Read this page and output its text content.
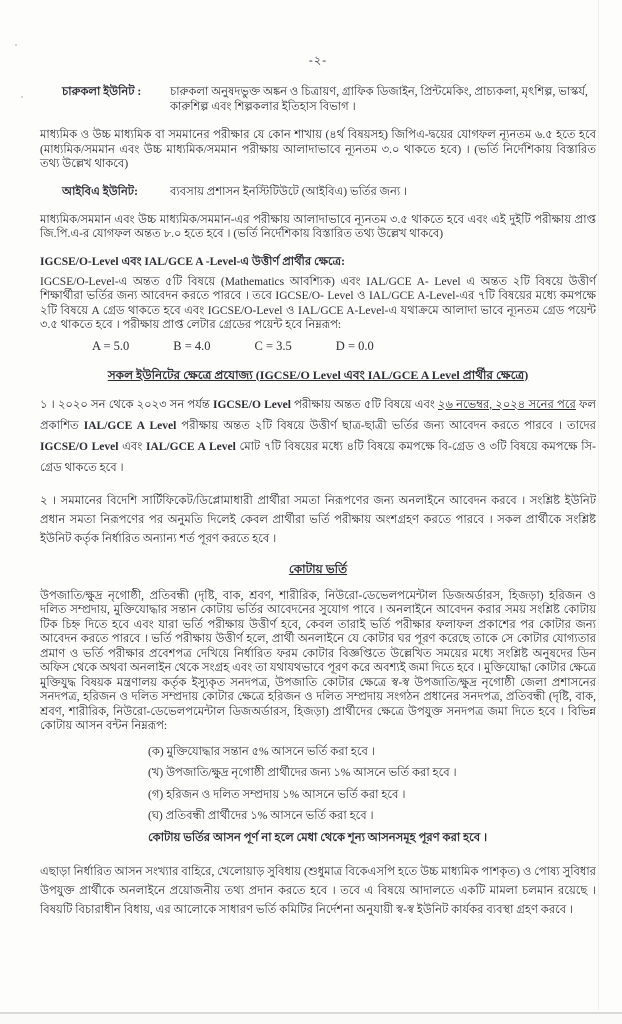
-২-
চারুকলা ইউনিট : চারুকলা অনুষদভুক্ত অঙ্কন ও চিত্রায়ণ, গ্রাফিক ডিজাইন, প্রিন্টমেকিং, প্রাচ্যকলা, মৃৎশিল্প, ভাস্কর্য, কারুশিল্প এবং শিল্পকলার ইতিহাস বিভাগ ।

মাধ্যমিক ও উচ্চ মাধ্যমিক বা সমমানের পরীক্ষার যে কোন শাখায় (৪র্থ বিষয়সহ) জিপিএ-দ্বয়ের যোগফল ন্যূনতম ৬.৫ হতে হবে (মাধ্যমিক/সমমান এবং উচ্চ মাধ্যমিক/সমমান পরীক্ষায় আলাদাভাবে ন্যূনতম ৩.০ থাকতে হবে) । (ভর্তি নির্দেশিকায় বিস্তারিত তথ্য উল্লেখ থাকবে)

আইবিএ ইউনিট:	ব্যবসায় প্রশাসন ইনস্টিটিউটে (আইবিএ) ভর্তির জন্য ।

মাধ্যমিক/সমমান এবং উচ্চ মাধ্যমিক/সমমান-এর পরীক্ষায় আলাদাভাবে ন্যূনতম ৩.৫ থাকতে হবে এবং এই দুইটি পরীক্ষায় প্রাপ্ত জি.পি.এ-র যোগফল অন্তত ৮.০ হতে হবে । (ভর্তি নির্দেশিকায় বিস্তারিত তথ্য উল্লেখ থাকবে)

IGCSE/O-Level এবং IAL/GCE A -Level-এ উত্তীর্ণ প্রার্থীর ক্ষেত্রে:

IGCSE/O-Level-এ অন্তত ৫টি বিষয়ে (Mathematics আবশ্যিক) এবং IAL/GCE A- Level এ অন্তত ২টি বিষয়ে উত্তীর্ণ শিক্ষার্থীরা ভর্তির জন্য আবেদন করতে পারবে । তবে IGCSE/O- Level ও IAL/GCE A-Level-এর ৭টি বিষয়ের মধ্যে কমপক্ষে ২টি বিষয়ে A গ্রেড থাকতে হবে এবং IGCSE/O-Level ও IAL/GCE A-Level-এ যথাক্রমে আলাদা ভাবে ন্যূনতম গ্রেড পয়েন্ট ৩.৫ থাকতে হবে । পরীক্ষায় প্রাপ্ত লেটার গ্রেডের পয়েন্ট হবে নিম্নরূপ:

A = 5.0	B = 4.0	C = 3.5	D = 0.0
সকল ইউনিটের ক্ষেত্রে প্রযোজ্য (IGCSE/O Level এবং IAL/GCE A Level প্রার্থীর ক্ষেত্রে)

১ । ২০২০ সন থেকে ২০২৩ সন পর্যন্ত IGCSE/O Level পরীক্ষায় অন্তত ৫টি বিষয়ে এবং ২৬ নভেম্বর, ২০২৪ সনের পরে ফল প্রকাশিত IAL/GCE A Level পরীক্ষায় অন্তত ২টি বিষয়ে উত্তীর্ণ ছাত্র-ছাত্রী ভর্তির জন্য আবেদন করতে পারবে । তাদের IGCSE/O Level এবং IAL/GCE A Level মোট ৭টি বিষয়ের মধ্যে ৪টি বিষয়ে কমপক্ষে বি-গ্রেড ও ৩টি বিষয়ে কমপক্ষে সি-গ্রেড থাকতে হবে ।

২ । সমমানের বিদেশি সার্টিফিকেট/ডিপ্লোমাধারী প্রার্থীরা সমতা নিরূপণের জন্য অনলাইনে আবেদন করবে । সংশ্লিষ্ট ইউনিট প্রধান সমতা নিরূপণের পর অনুমতি দিলেই কেবল প্রার্থীরা ভর্তি পরীক্ষায় অংশগ্রহণ করতে পারবে । সকল প্রার্থীকে সংশ্লিষ্ট ইউনিট কর্তৃক নির্ধারিত অন্যান্য শর্ত পূরণ করতে হবে ।

কোটায় ভর্তি

উপজাতি/ক্ষুদ্র নৃগোষ্ঠী, প্রতিবন্ধী (দৃষ্টি, বাক, শ্রবণ, শারীরিক, নিউরো-ডেভেলপমেন্টাল ডিজঅর্ডারস, হিজড়া) হরিজন ও দলিত সম্প্রদায়, মুক্তিযোদ্ধার সন্তান কোটায় ভর্তির আবেদনের সুযোগ পাবে । অনলাইনে আবেদন করার সময় সংশ্লিষ্ট কোটায় টিক চিহ্ন দিতে হবে এবং যারা ভর্তি পরীক্ষায় উত্তীর্ণ হবে, কেবল তারাই ভর্তি পরীক্ষার ফলাফল প্রকাশের পর কোটার জন্য আবেদন করতে পারবে । ভর্তি পরীক্ষায় উত্তীর্ণ হলে, প্রার্থী অনলাইনে যে কোটার ঘর পূরণ করেছে তাকে সে কোটার যোগ্যতার প্রমাণ ও ভর্তি পরীক্ষার প্রবেশপত্র দেখিয়ে নির্ধারিত ফরম কোটার বিজ্ঞপ্তিতে উল্লেখিত সময়ের মধ্যে সংশ্লিষ্ট অনুষদের ডিন অফিস থেকে অথবা অনলাইন থেকে সংগ্রহ এবং তা যথাযথভাবে পূরণ করে অবশ্যই জমা দিতে হবে । মুক্তিযোদ্ধা কোটার ক্ষেত্রে মুক্তিযুদ্ধ বিষয়ক মন্ত্রণালয় কর্তৃক ইস্যুকৃত সনদপত্র, উপজাতি কোটার ক্ষেত্রে স্ব-স্ব উপজাতি/ক্ষুদ্র নৃগোষ্ঠী জেলা প্রশাসনের সনদপত্র, হরিজন ও দলিত সম্প্রদায় কোটার ক্ষেত্রে হরিজন ও দলিত সম্প্রদায় সংগঠন প্রধানের সনদপত্র, প্রতিবন্ধী (দৃষ্টি, বাক, শ্রবণ, শারীরিক, নিউরো-ডেভেলপমেন্টাল ডিজঅর্ডারস, হিজড়া) প্রার্থীদের ক্ষেত্রে উপযুক্ত সনদপত্র জমা দিতে হবে । বিভিন্ন কোটায় আসন বন্টন নিম্নরূপ:

(ক) মুক্তিযোদ্ধার সন্তান ৫% আসনে ভর্তি করা হবে ।
(খ) উপজাতি/ক্ষুদ্র নৃগোষ্ঠী প্রার্থীদের জন্য ১% আসনে ভর্তি করা হবে ।
(গ) হরিজন ও দলিত সম্প্রদায় ১% আসনে ভর্তি করা হবে ।
(ঘ) প্রতিবন্ধী প্রার্থীদের ১% আসনে ভর্তি করা হবে ।
কোটায় ভর্তির আসন পূর্ণ না হলে মেধা থেকে শূন্য আসনসমূহ পূরণ করা হবে ।

এছাড়া নির্ধারিত আসন সংখ্যার বাহিরে, খেলোয়াড় সুবিধায় (শুধুমাত্র বিকেএসপি হতে উচ্চ মাধ্যমিক পাশকৃত) ও পোষ্য সুবিধার উপযুক্ত প্রার্থীকে অনলাইনে প্রয়োজনীয় তথ্য প্রদান করতে হবে । তবে এ বিষয়ে আদালতে একটি মামলা চলমান রয়েছে । বিষয়টি বিচারাধীন বিধায়, এর আলোকে সাধারণ ভর্তি কমিটির নির্দেশনা অনুযায়ী স্ব-স্ব ইউনিট কার্যকর ব্যবস্থা গ্রহণ করবে ।
